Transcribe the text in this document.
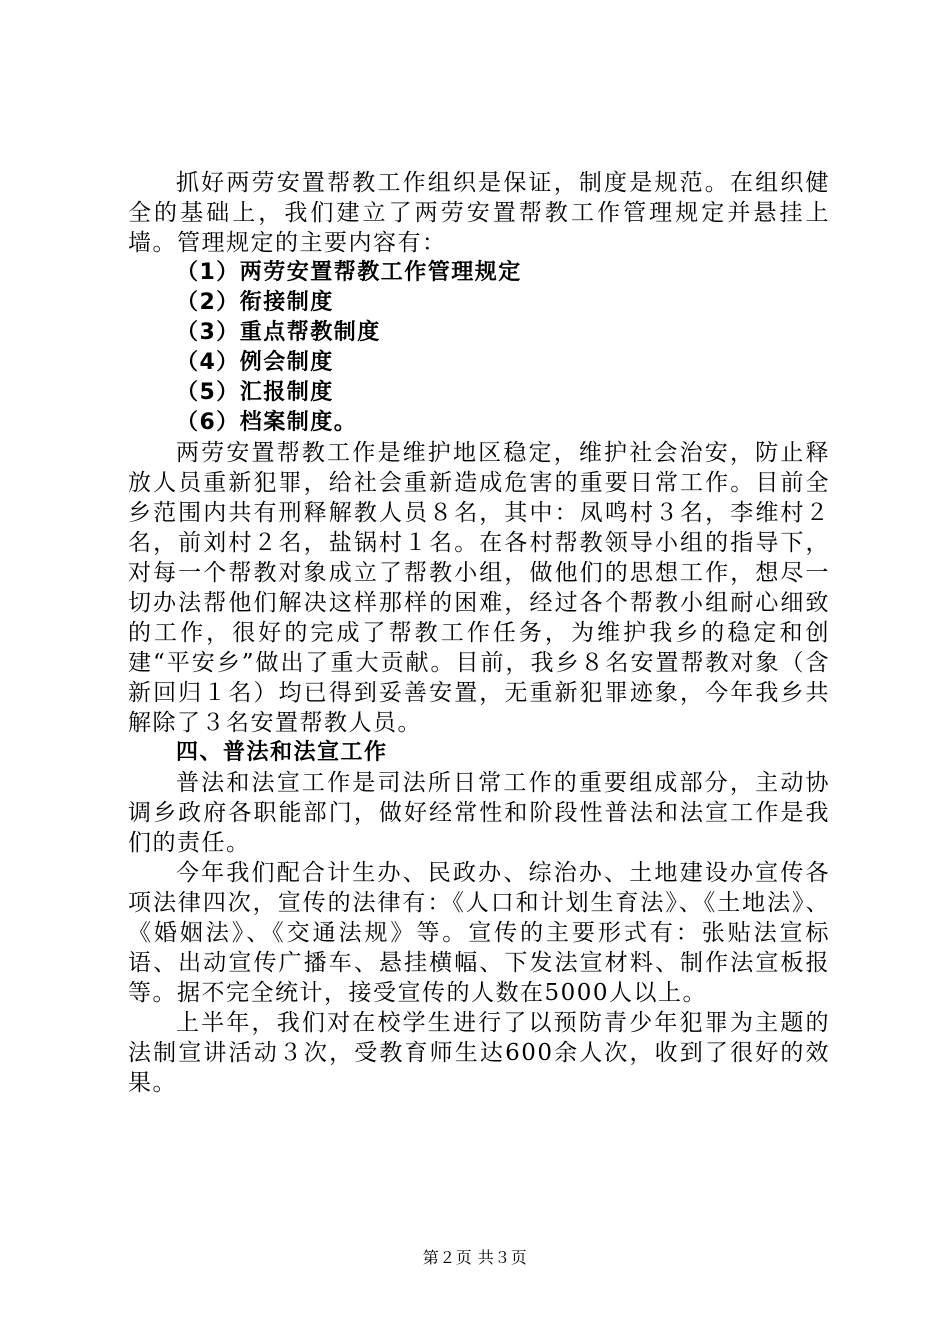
抓好两劳安置帮教工作组织是保证，制度是规范。在组织健全的基础上，我们建立了两劳安置帮教工作管理规定并悬挂上墙。管理规定的主要内容有：

（1）两劳安置帮教工作管理规定
（2）衔接制度
（3）重点帮教制度
（4）例会制度
（5）汇报制度
（6）档案制度。

两劳安置帮教工作是维护地区稳定，维护社会治安，防止释放人员重新犯罪，给社会重新造成危害的重要日常工作。目前全乡范围内共有刑释解教人员８名，其中：凤鸣村３名，李维村２名，前刘村２名，盐锅村１名。在各村帮教领导小组的指导下，对每一个帮教对象成立了帮教小组，做他们的思想工作，想尽一切办法帮他们解决这样那样的困难，经过各个帮教小组耐心细致的工作，很好的完成了帮教工作任务，为维护我乡的稳定和创建“平安乡”做出了重大贡献。目前，我乡８名安置帮教对象（含新回归１名）均已得到妥善安置，无重新犯罪迹象，今年我乡共解除了３名安置帮教人员。

四、普法和法宣工作

普法和法宣工作是司法所日常工作的重要组成部分，主动协调乡政府各职能部门，做好经常性和阶段性普法和法宣工作是我们的责任。

今年我们配合计生办、民政办、综治办、土地建设办宣传各项法律四次，宣传的法律有：《人口和计划生育法》、《土地法》、《婚姻法》、《交通法规》等。宣传的主要形式有：张贴法宣标语、出动宣传广播车、悬挂横幅、下发法宣材料、制作法宣板报等。据不完全统计，接受宣传的人数在5000人以上。

上半年，我们对在校学生进行了以预防青少年犯罪为主题的法制宣讲活动３次，受教育师生达600余人次，收到了很好的效果。

第２页 共３页
